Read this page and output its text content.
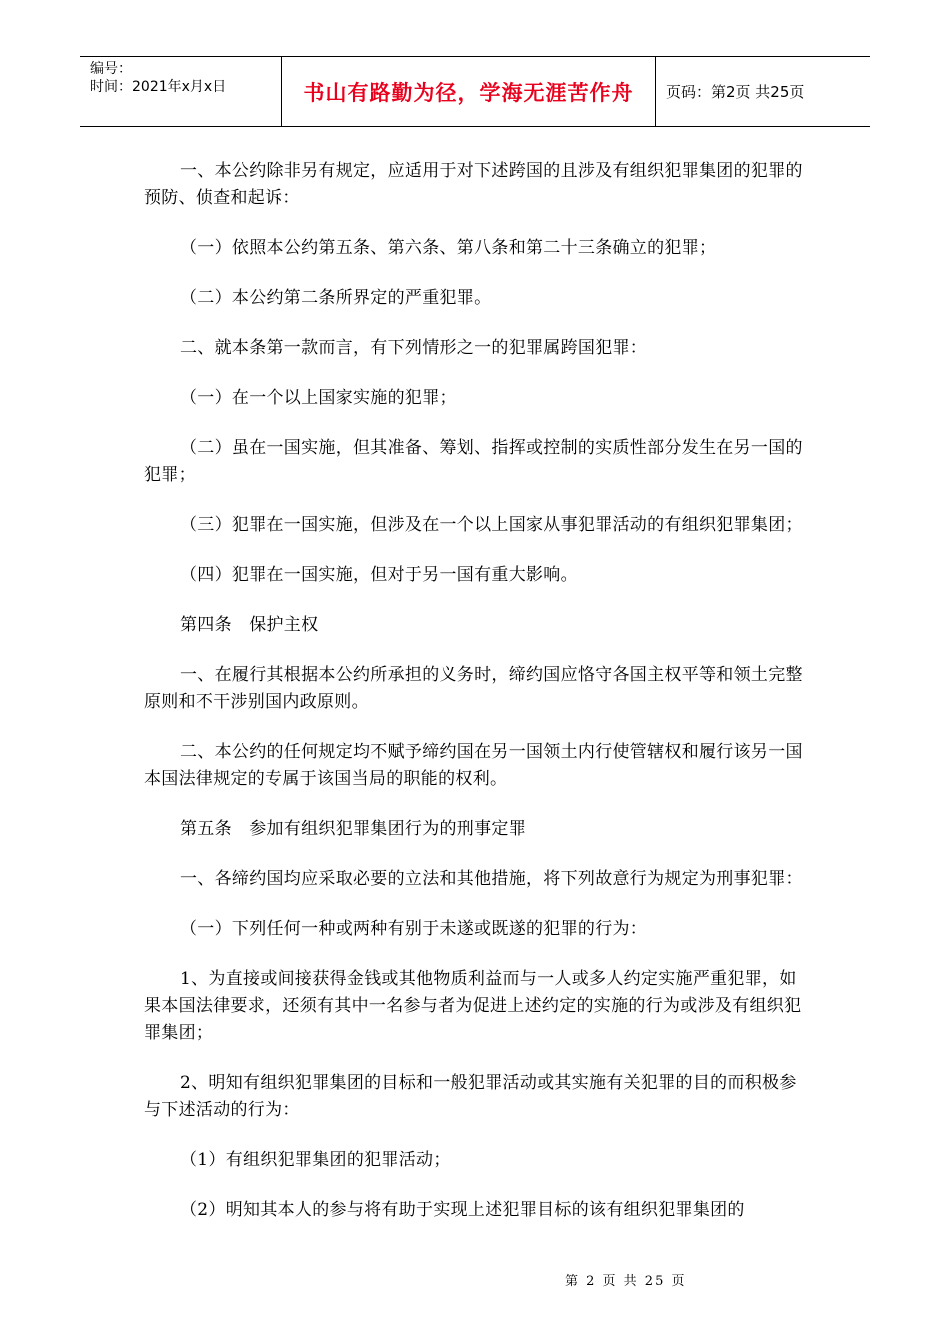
编号：
时间：2021年x月x日	书山有路勤为径，学海无涯苦作舟	页码：第2页 共25页

一、本公约除非另有规定，应适用于对下述跨国的且涉及有组织犯罪集团的犯罪的预防、侦查和起诉：

（一）依照本公约第五条、第六条、第八条和第二十三条确立的犯罪；

（二）本公约第二条所界定的严重犯罪。

二、就本条第一款而言，有下列情形之一的犯罪属跨国犯罪：

（一）在一个以上国家实施的犯罪；

（二）虽在一国实施，但其准备、筹划、指挥或控制的实质性部分发生在另一国的犯罪；

（三）犯罪在一国实施，但涉及在一个以上国家从事犯罪活动的有组织犯罪集团；

（四）犯罪在一国实施，但对于另一国有重大影响。

第四条　保护主权

一、在履行其根据本公约所承担的义务时，缔约国应恪守各国主权平等和领土完整原则和不干涉别国内政原则。

二、本公约的任何规定均不赋予缔约国在另一国领土内行使管辖权和履行该另一国本国法律规定的专属于该国当局的职能的权利。

第五条　参加有组织犯罪集团行为的刑事定罪

一、各缔约国均应采取必要的立法和其他措施，将下列故意行为规定为刑事犯罪：

（一）下列任何一种或两种有别于未遂或既遂的犯罪的行为：

1、为直接或间接获得金钱或其他物质利益而与一人或多人约定实施严重犯罪，如果本国法律要求，还须有其中一名参与者为促进上述约定的实施的行为或涉及有组织犯罪集团；

2、明知有组织犯罪集团的目标和一般犯罪活动或其实施有关犯罪的目的而积极参与下述活动的行为：

（1）有组织犯罪集团的犯罪活动；

（2）明知其本人的参与将有助于实现上述犯罪目标的该有组织犯罪集团的

第 2 页 共 25 页
